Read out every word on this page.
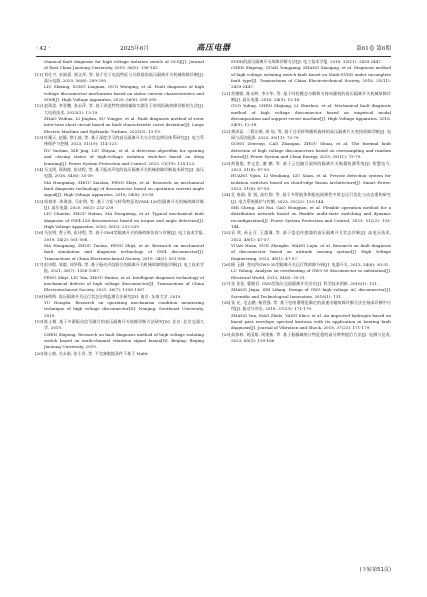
· 42 ·	2025年6月	高压电器	第61卷 第6期
chanical fault diagnosis for high voltage isolation switch of OCSJ[J]. Journal of East China Jiaotong University, 2019, 36(5): 136-142.
[11] 刘仕兴, 宋福嘉, 郭文翠, 等. 基于定子电流特征与关联基的高压隔离开关机械故障诊断[J]. 高压电器, 2020, 56(6): 289-295.
LIU Shixing, SONG Lingnan, GUO Wenqing, et al. Fault diagnosis of high voltage disconnector mechanism based on stator current characteristics and SOM[J]. High Voltage Apparatus, 2020, 56(6): 289-295.
[12] 赵琦思, 李晋鹏, 张永萍, 等. 基于改进特性曲线辅助实测引于时间短缺故障诊断的方法[J]. 大电机技术, 2023(3): 13-19.
ZHAO Wuhua, LI Jinglan, XU Yongjie, et al. Fault diagnosis method of rotor inter-turn short circuit based on fault characteristic curve deviation[J]. Large Electric Machine and Hydraulic Turbine, 2023(3): 13-19.
[13] 杜耀天, 赵静, 徐小波, 等. 基于深度学习的高压隔离开关分合状态辨识体系研究[J]. 电力系统保护与控制, 2023, 51(19): 114-123.
DU Yaotian, XIE Jing, LIU Zhiyan, et al. A detection algorithm for opening and closing states of high-voltage isolation switches based on deep learning[J]. Power System Protection and Control, 2023, 51(19): 114-123.
[14] 马文明, 邢海波, 彭诗程, 等. 基于振动声纹的高压隔离开关机械故障诊断技术研究[J]. 高压电器, 2018, 54(8): 33-39.
MA Hongming, ZHOU Xiaolan, PENG Shiyi, et al. Research on mechanical fault diagnosis technology of disconnector based on operation current angle signal[J]. High Voltage Apparatus, 2018, 54(8): 33-39.
[15] 周春荣, 周海涛, 马宏明, 等. 基于力矩与转角特征的GW4-126型隔离开关机械故障诊断[J]. 高压电器, 2020, 56(2): 232-239.
LIU Chunlai, ZHOU Haitao, MA Hongming, et al. Typical mechanical fault diagnosis of GW4-126 disconnector based on torque and angle detection[J]. High Voltage Apparatus, 2020, 56(2): 232-239.
[16] 马宏明, 曾子鸣, 彭诗程, 等. 基于GW4型隔离开关机械故障仿真与诊断[J]. 电工技术学报, 2019, 34(2): 501-508.
MA Hongming, ZHOU Taotao, PENG Shiyi, et al. Research on mechanical fault simulation and diagnosis technology of GW4 disconnector[J]. Transactions of China Electrotechnical Society, 2019, 34(2): 501-508.
[17] 彭诗程, 邹毅, 刘华锋, 等. 基于振动声纹联合的隔离开关机械故障智能诊断[J]. 电工技术学报, 2021, 36(7): 1356-1367.
PENG Shiyi, LIU Yan, ZHOU Haitao, et al. Intelligent diagnosis technology of mechanical defects of high voltage disconnector[J]. Transactions of China Electrotechnical Society, 2021, 36(7): 1356-1367.
[18] 杨明鸣. 高压隔离开关运行状态在线监测方法研究[D]. 南京: 东南大学, 2019.
YU Hongda. Research on operating mechanism condition monitoring technique of high voltage disconnector[D]. Nanjing: Southeast University, 2019.
[19] 陈士桢. 基于多源振动信号融合的高压隔离开关故障诊断方法研究[D]. 北京: 北京交通大学, 2019.
CHEN Shipeng. Research on fault diagnosis method of high voltage isolating switch based on multi-channel vibration signal fusion[D]. Beijing: Beijing Jiaotong University, 2019.
[20] 陈士桢, 关永刚, 张小青, 等. 不完备数据条件下基于 Multi-
SVDD的高压隔离开关故障诊断方法[J]. 电工技术学报, 2018, 33(11): 2439-2447.
CHEN Shipeng, GUAN Yonggang, ZHANG Xiaoqing, et al. Diagnosis method of high voltage isolating switch fault based on Multi-SVDD under incomplete fault type[J]. Transactions of China Electrotechnical Society, 2018, 33(11): 2439-2447.
[21] 苏德敏, 陈永辉, 李少华, 等. 基于经验模态分解和支持向量机的高压隔离开关机械故障诊断[J]. 高压电器, 2018, 54(9): 12-18.
GUO Yuling, CHEN Shijiang, LI Shuzhuo, et al. Mechanical fault diagnosis method of high voltage disconnector based on empirical modal decomposition and support vector machine[J]. High Voltage Apparatus, 2018, 54(9): 12-18.
[22] 龚泽谈, 二曹在阔, 周 灿, 等. 基于过采样和随机森林的高压隔离开关变热故障诊断[J]. 电网与清洁能源, 2023, 39(11): 72-79.
GONG Zewenyi, CAO Zhangan, ZHOU Shuai, et al. The thermal fault detection of high voltage disconnectors based on oversampling and random forest[J]. Power System and Clean Energy, 2023, 39(11): 72-79.
[23] 黄俊俊, 李文竞, 谢 鹏, 等. 基于云边融合架构的隔离开关集精检测系统[J]. 智慧电力, 2023, 51(8): 87-93.
HUANG Yijun, LI Wenliang, LIU Xuan, et al. Precise detection system for isolation switches based on cloud-edge fusion architecture[J]. Smart Power, 2023, 51(8): 87-93.
[24] 孔 春丽, 张 锐, 高红翔, 等. 基于多智能体和配电网弹性多时态运行优化与动态重构研究[J]. 电力系统保护与控制, 2023, 51(22): 133-144.
SHI Cheng, AN Rui, GAO Hongjian, et al. Flexible operation method for a distribution network based on flexible multi-state switching and dynamic reconfiguration[J]. Power System Protection and Control, 2023, 51(22): 133-144.
[25] 袁 欢, 孙正可, 王露瑾, 等. 基于姿态传感器的高压隔离开关状态诊断[J]. 高电压技术, 2022, 48(1): 47-57.
YUAN Huan, SUN Zhengke, WANG Lujin, et al. Research on fault diagnosis of disconnector based on attitude sensing system[J]. High Voltage Engineering, 2022, 48(1): 47-57.
[26] 顾 玉静. 变电所GW5-35型隔离开关运行铁故障分析[J]. 电器开关, 2013, 54(6): 30-31.
LU Yulong. Analysis on overheating of GW5-35 disconnector in substation[J]. Electrical World, 2013, 54(6): 30-31.
[27] 张 佳佳, 曹晓君. GW5型高压交流隔离开关设计[J]. 科学技术创新, 2016(1): 131.
ZHANG Jiajia, SHI Lifang. Design of GW5 high voltage AC disconnector[J]. Scientific and Technological Innovation, 2016(1): 131.
[28] 张 允, 毛志鹏, 杨晋强, 等. 基于包络谱理论确定的高速动磁故障诊断方法在轴承诊断中应用[J]. 振动与冲击, 2018, 37(23): 171-179.
ZHANG Yun, MAO Zhide, YANG Shici, et al. An improved hydrogen based on lineal pass envelope spectral kurtosis with its application in bearing fault diagnosis[J]. Journal of Vibration and Shock, 2018, 37(23): 171-179.
[29] 高春林, 刘国翔, 周建新, 等. 基于振幅域统计特征稳的高分辨率提后方法[J]. 电测与仪表, 2023, 60(2): 159-166.
(下转第51页)
